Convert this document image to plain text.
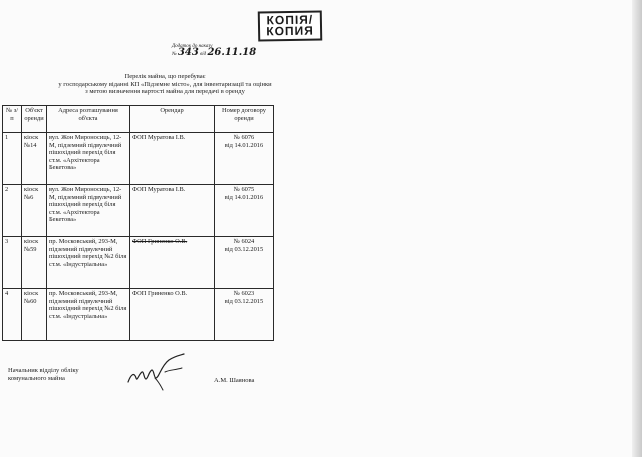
КОПІЯ/
КОПИЯ
Додаток до наказу
№ 343 від 26.11.18
Перелік майна, що перебуває
у господарському віданні КП «Підземне місто», для інвентаризації та оцінки
з метою визначення вартості майна для передачі в оренду
№ з/п	Об'єкт оренди	Адреса розташування об'єкта	Орендар	Номер договору оренди
1	кіоск №14	вул. Жон Мироносиць, 12-М, підземний підвулечний пішохідний перехід біля ст.м. «Архітектора Бекетова»	ФОП Муратова І.В.	№ 6076
від 14.01.2016

2	кіоск №6	вул. Жон Мироносиць, 12-М, підземний підвулечний пішохідний перехід біля ст.м. «Архітектора Бекетова»	ФОП Муратова І.В.	№ 6075
від 14.01.2016

3	кіоск №59	пр. Московський, 293-М, підземний підвулечний пішохідний перехід №2 біля ст.м. «Індустріальна»	ФОП Гриненко О.В.	№ 6024
від 03.12.2015

4	кіоск №60	пр. Московський, 293-М, підземний підвулечний пішохідний перехід №2 біля ст.м. «Індустріальна»	ФОП Гриненко О.В.	№ 6023
від 03.12.2015
Начальник відділу обліку
комунального майна	А.М. Шаянова
